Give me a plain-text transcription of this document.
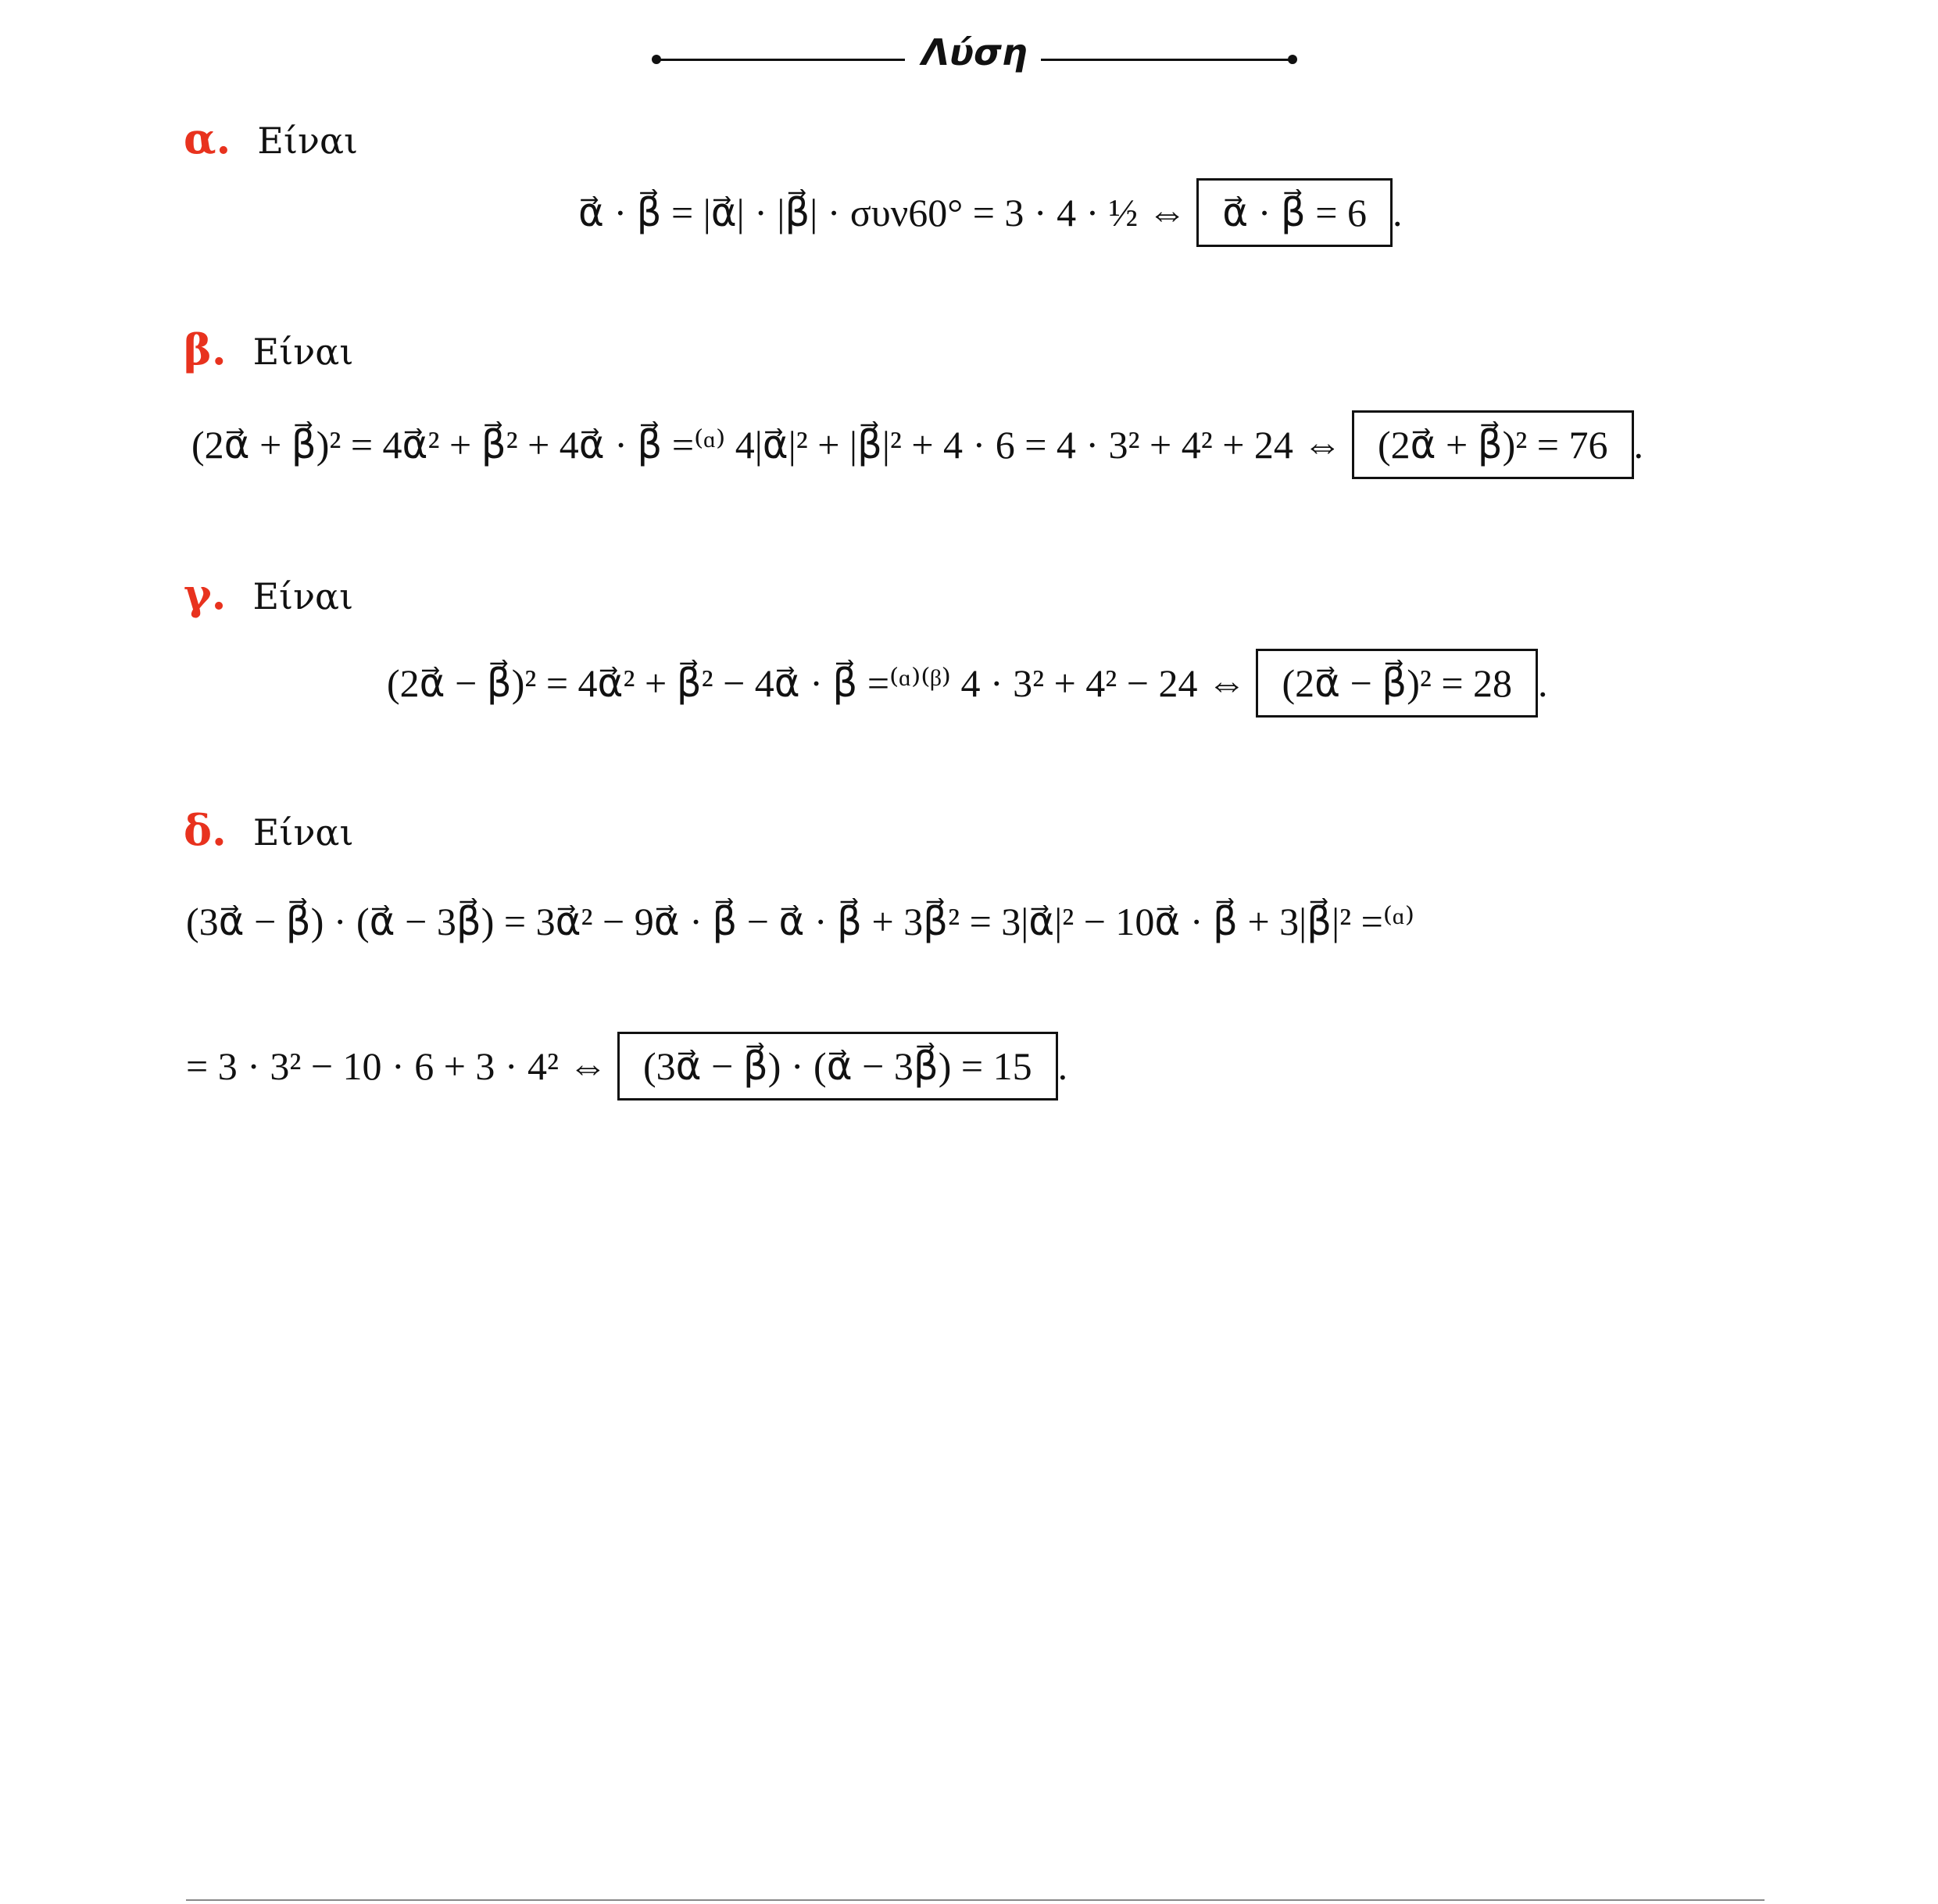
Λύση
α. Είναι
α⃗ · β⃗ = |α⃗| · |β⃗| · συν60° = 3 · 4 · ½ ⇔ α⃗ · β⃗ = 6 .
β. Είναι
(2α⃗ + β⃗)² = 4α⃗² + β⃗² + 4α⃗ · β⃗ =⁽ᵅ⁾ 4|α⃗|² + |β⃗|² + 4 · 6 = 4 · 3² + 4² + 24 ⇔ (2α⃗ + β⃗)² = 76 .
γ. Είναι
(2α⃗ − β⃗)² = 4α⃗² + β⃗² − 4α⃗ · β⃗ =⁽ᵅ⁾⁽ᵝ⁾ 4 · 3² + 4² − 24 ⇔ (2α⃗ − β⃗)² = 28 .
δ. Είναι
(3α⃗ − β⃗) · (α⃗ − 3β⃗) = 3α⃗² − 9α⃗ · β⃗ − α⃗ · β⃗ + 3β⃗² = 3|α⃗|² − 10α⃗ · β⃗ + 3|β⃗|² =⁽ᵅ⁾
= 3 · 3² − 10 · 6 + 3 · 4² ⇔ (3α⃗ − β⃗) · (α⃗ − 3β⃗) = 15 .
